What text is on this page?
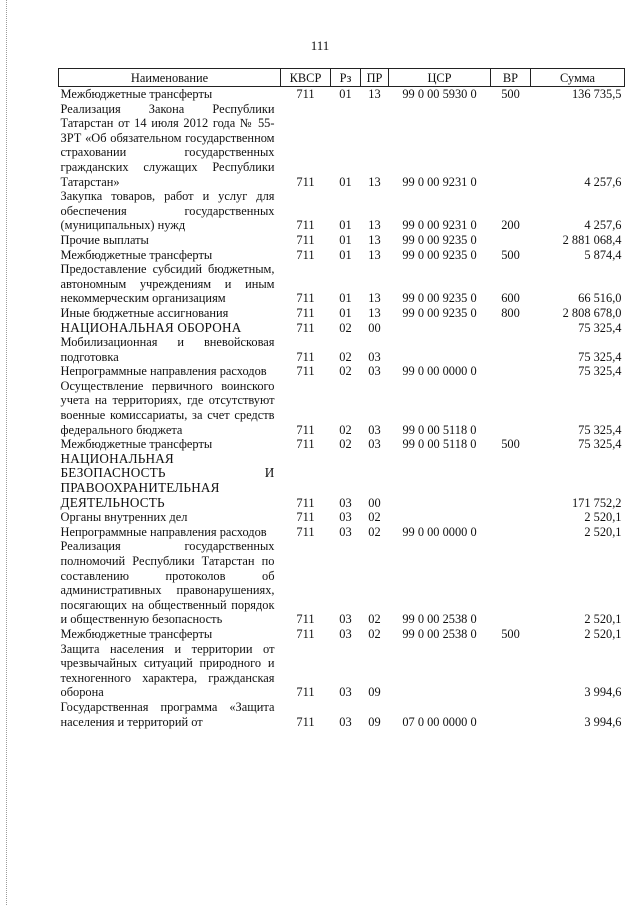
111
Наименование	КВСР	Рз	ПР	ЦСР	ВР	Сумма
Межбюджетные трансферты	711	01	13	99 0 00 5930 0	500	136 735,5
Реализация Закона Республики Татарстан от 14 июля 2012 года № 55-ЗРТ «Об обязательном государственном страховании государственных гражданских служащих Республики Татарстан»	711	01	13	99 0 00 9231 0		4 257,6
Закупка товаров, работ и услуг для обеспечения государственных (муниципальных) нужд	711	01	13	99 0 00 9231 0	200	4 257,6
Прочие выплаты	711	01	13	99 0 00 9235 0		2 881 068,4
Межбюджетные трансферты	711	01	13	99 0 00 9235 0	500	5 874,4
Предоставление субсидий бюджетным, автономным учреждениям и иным некоммерческим организациям	711	01	13	99 0 00 9235 0	600	66 516,0
Иные бюджетные ассигнования	711	01	13	99 0 00 9235 0	800	2 808 678,0
НАЦИОНАЛЬНАЯ ОБОРОНА	711	02	00			75 325,4
Мобилизационная и вневойсковая подготовка	711	02	03			75 325,4
Непрограммные направления расходов	711	02	03	99 0 00 0000 0		75 325,4
Осуществление первичного воинского учета на территориях, где отсутствуют военные комиссариаты, за счет средств федерального бюджета	711	02	03	99 0 00 5118 0		75 325,4
Межбюджетные трансферты	711	02	03	99 0 00 5118 0	500	75 325,4
НАЦИОНАЛЬНАЯ БЕЗОПАСНОСТЬ И ПРАВООХРАНИТЕЛЬНАЯ ДЕЯТЕЛЬНОСТЬ	711	03	00			171 752,2
Органы внутренних дел	711	03	02			2 520,1
Непрограммные направления расходов	711	03	02	99 0 00 0000 0		2 520,1
Реализация государственных полномочий Республики Татарстан по составлению протоколов об административных правонарушениях, посягающих на общественный порядок и общественную безопасность	711	03	02	99 0 00 2538 0		2 520,1
Межбюджетные трансферты	711	03	02	99 0 00 2538 0	500	2 520,1
Защита населения и территории от чрезвычайных ситуаций природного и техногенного характера, гражданская оборона	711	03	09			3 994,6
Государственная программа «Защита населения и территорий от	711	03	09	07 0 00 0000 0		3 994,6
